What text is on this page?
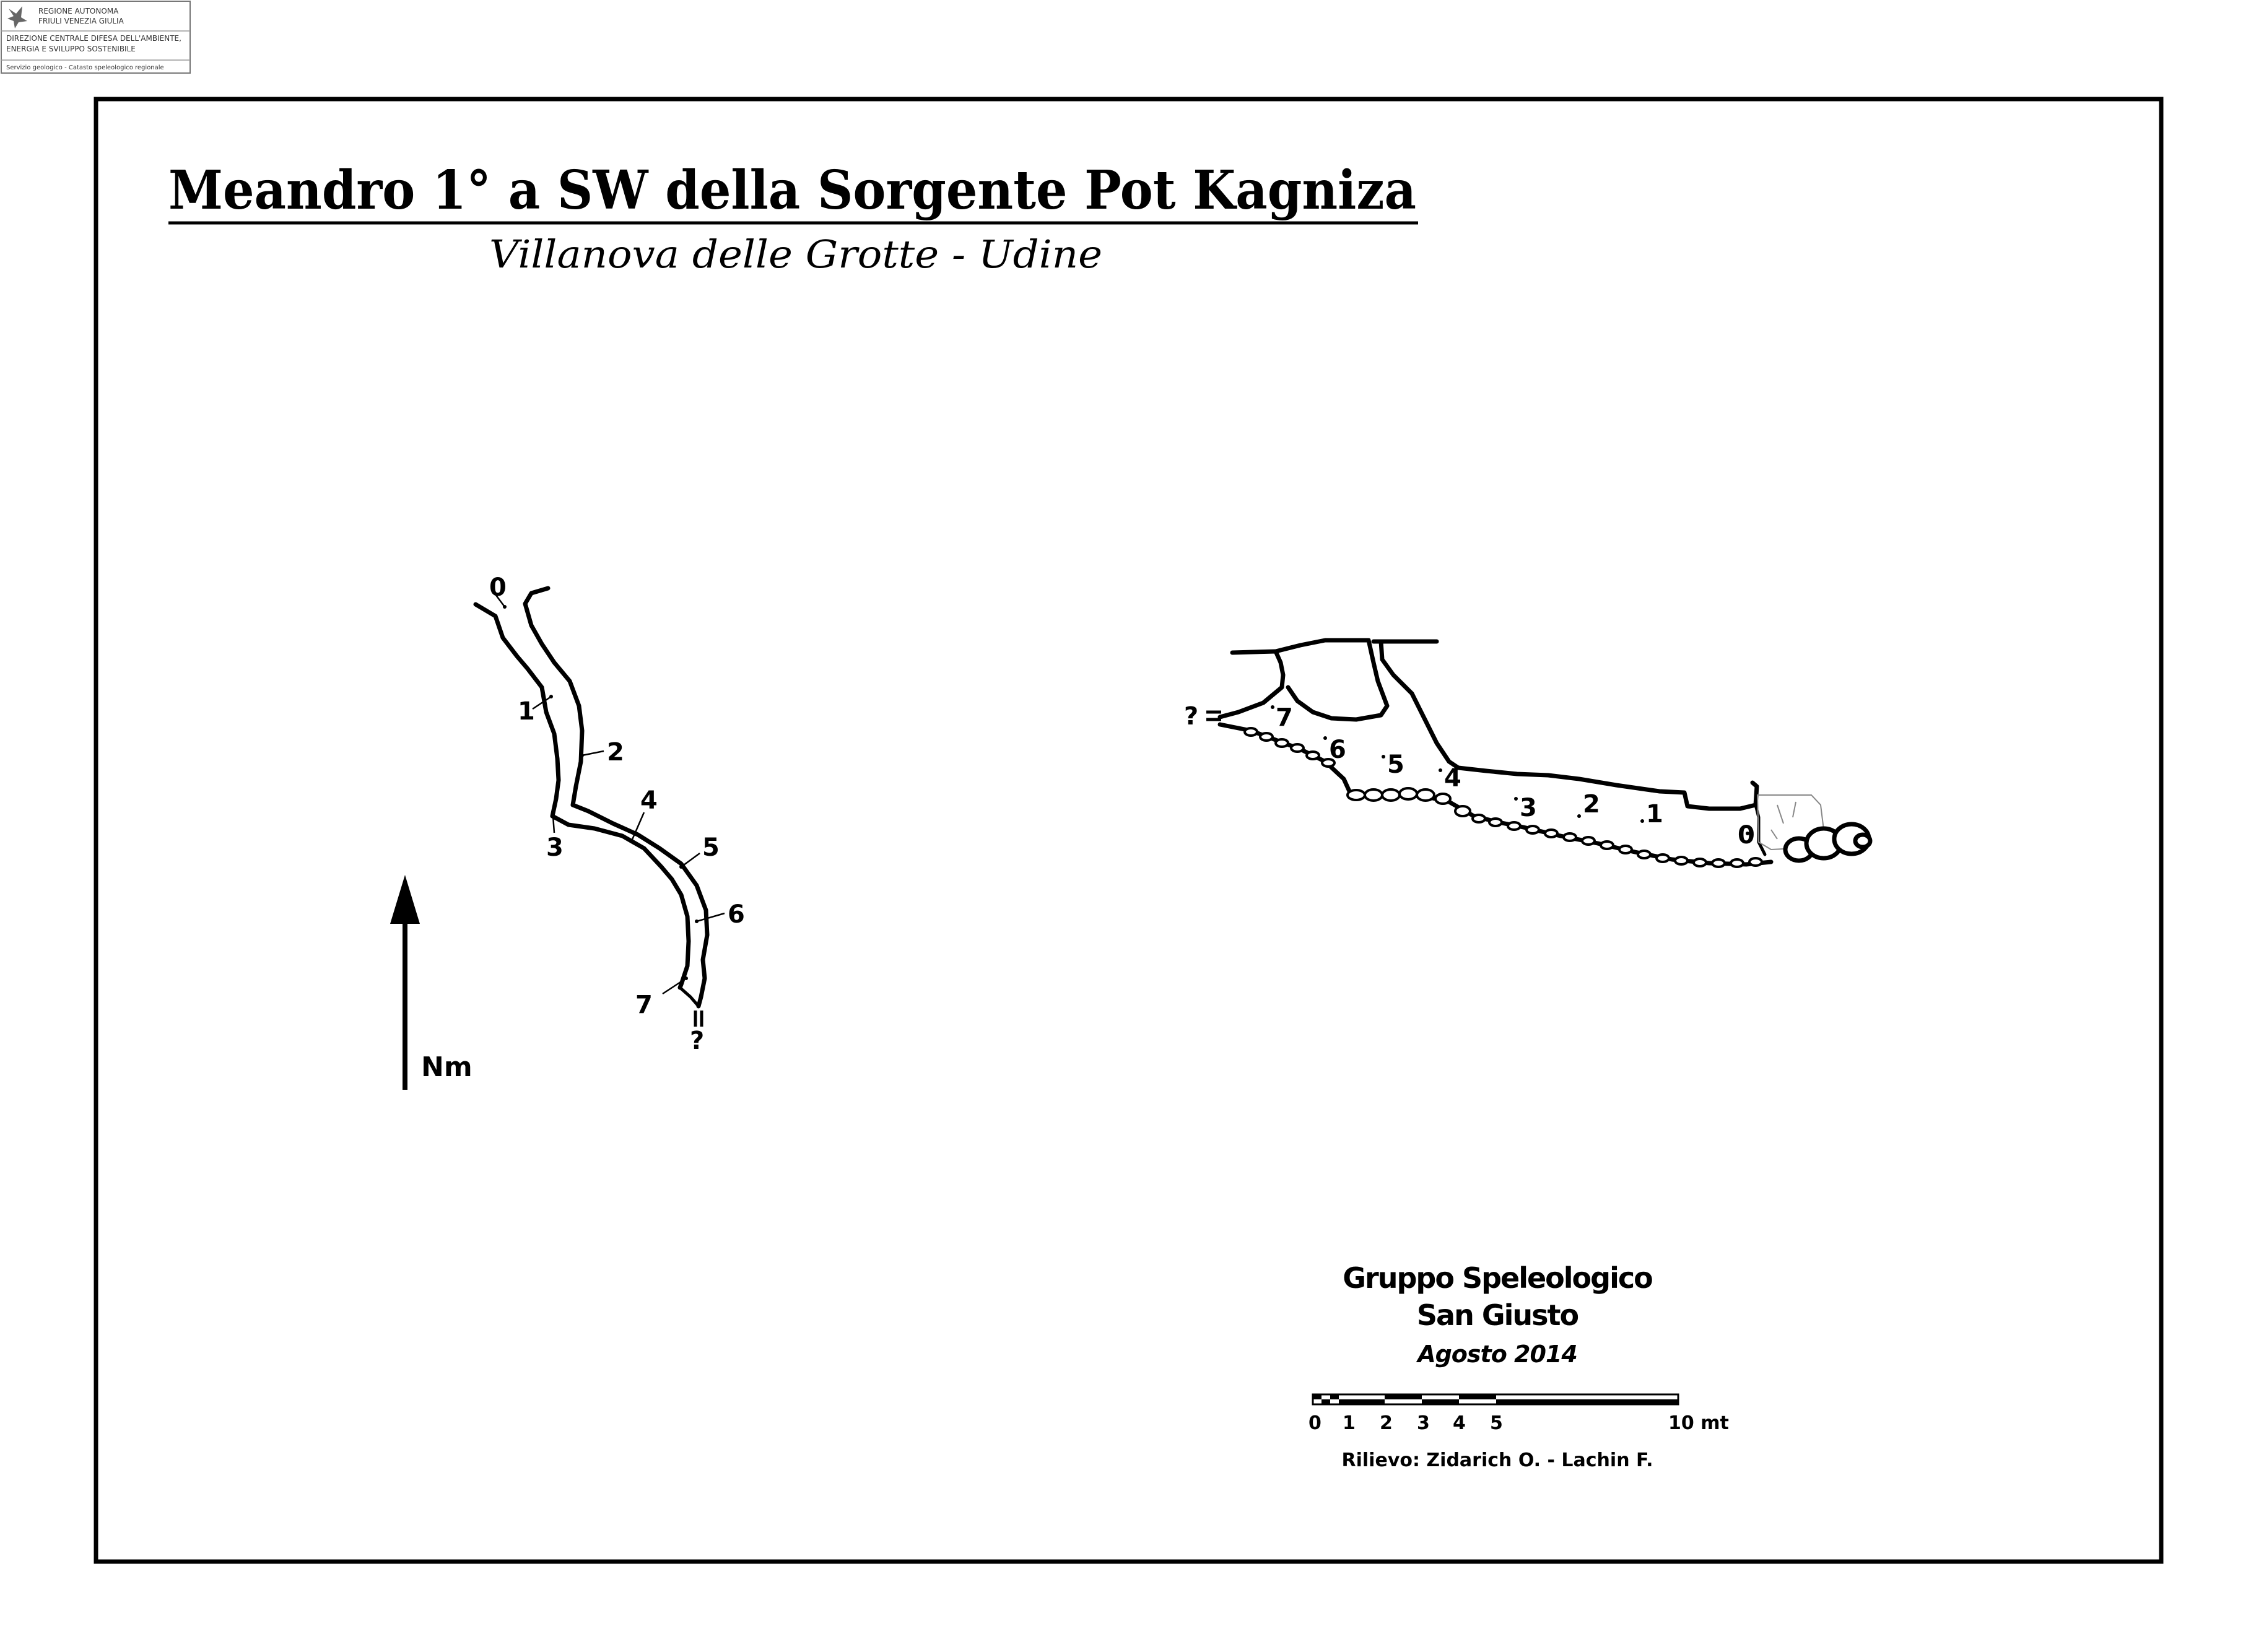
REGIONE AUTONOMA
FRIULI VENEZIA GIULIA
DIREZIONE CENTRALE DIFESA DELL'AMBIENTE,
ENERGIA E SVILUPPO SOSTENIBILE
Servizio geologico - Catasto speleologico regionale
Meandro 1° a SW della Sorgente Pot Kagniza
Villanova delle Grotte - Udine
0
1
2
3
4
5
6
7
?
Nm
0
1
2
3
4
5
6
7
?
Gruppo Speleologico
San Giusto
Agosto 2014
0 1 2 3 4 5	10 mt
Rilievo: Zidarich O. - Lachin F.
